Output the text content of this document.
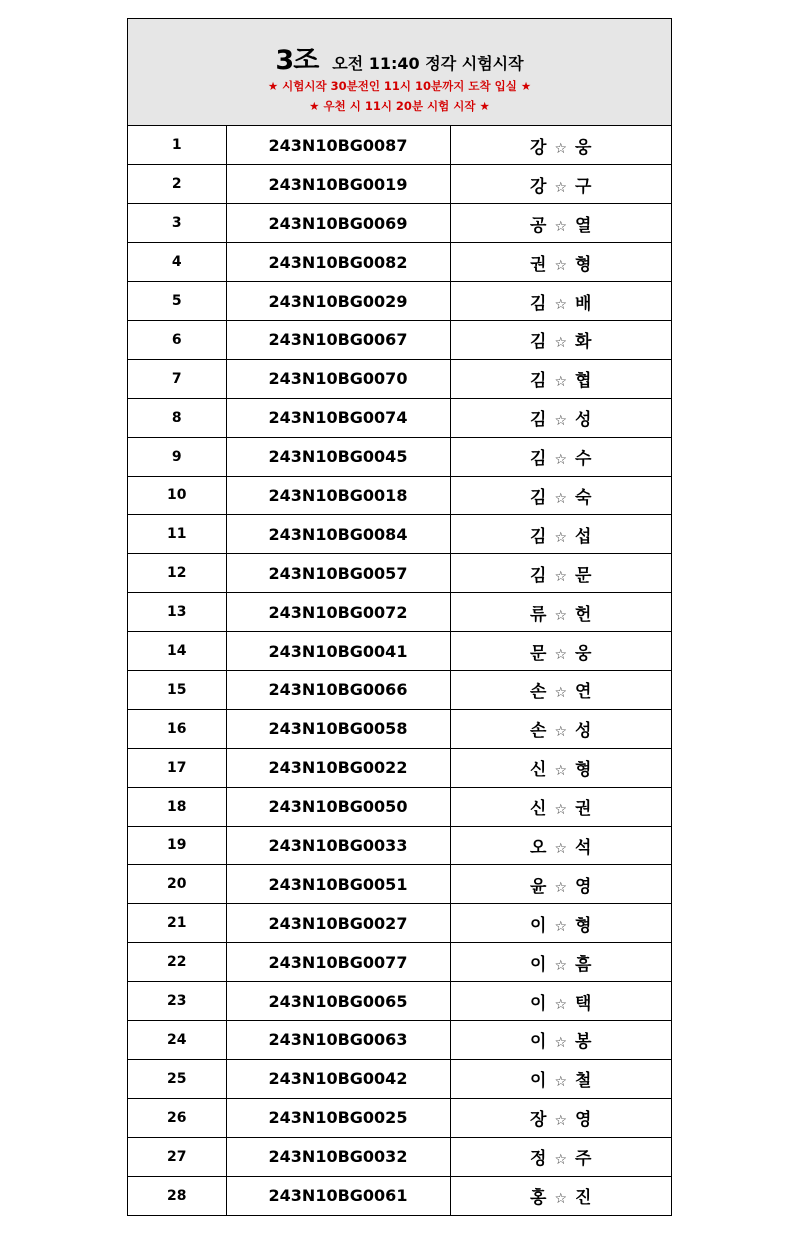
3조 오전 11:40 정각 시험시작
★ 시험시작 30분전인 11시 10분까지 도착 입실 ★
★ 우천 시 11시 20분 시험 시작 ★
1	243N10BG0087	강 ☆ 웅
2	243N10BG0019	강 ☆ 구
3	243N10BG0069	공 ☆ 열
4	243N10BG0082	권 ☆ 형
5	243N10BG0029	김 ☆ 배
6	243N10BG0067	김 ☆ 화
7	243N10BG0070	김 ☆ 협
8	243N10BG0074	김 ☆ 성
9	243N10BG0045	김 ☆ 수
10	243N10BG0018	김 ☆ 숙
11	243N10BG0084	김 ☆ 섭
12	243N10BG0057	김 ☆ 문
13	243N10BG0072	류 ☆ 헌
14	243N10BG0041	문 ☆ 웅
15	243N10BG0066	손 ☆ 연
16	243N10BG0058	손 ☆ 성
17	243N10BG0022	신 ☆ 형
18	243N10BG0050	신 ☆ 권
19	243N10BG0033	오 ☆ 석
20	243N10BG0051	윤 ☆ 영
21	243N10BG0027	이 ☆ 형
22	243N10BG0077	이 ☆ 흠
23	243N10BG0065	이 ☆ 택
24	243N10BG0063	이 ☆ 봉
25	243N10BG0042	이 ☆ 철
26	243N10BG0025	장 ☆ 영
27	243N10BG0032	정 ☆ 주
28	243N10BG0061	홍 ☆ 진
